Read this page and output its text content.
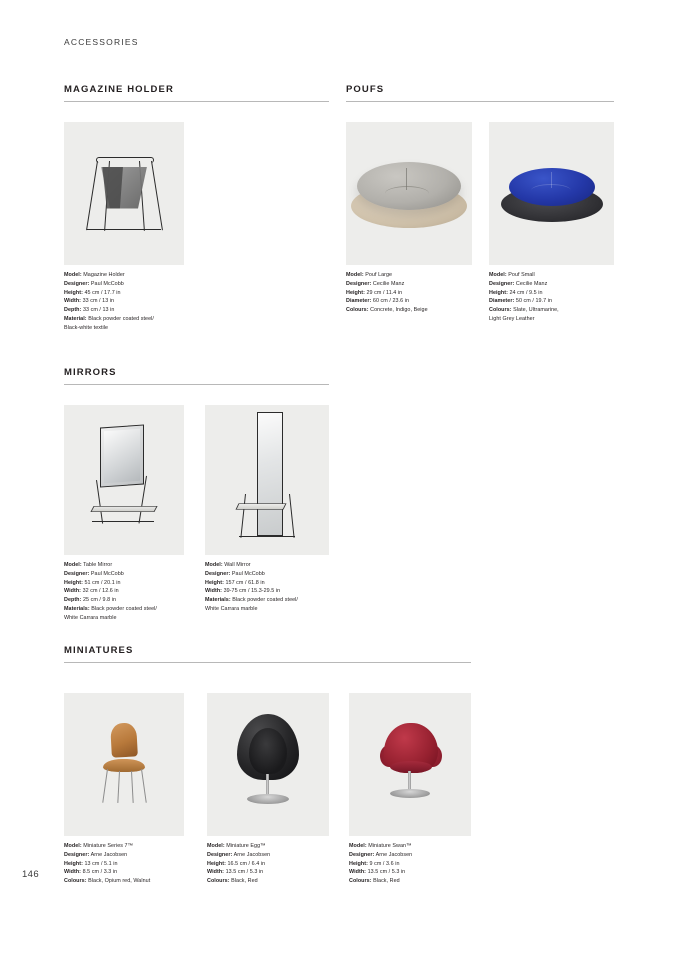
ACCESSORIES
146
MAGAZINE HOLDER
Model: Magazine Holder
Designer: Paul McCobb
Height: 45 cm / 17.7 in
Width: 33 cm / 13 in
Depth: 33 cm / 13 in
Material: Black powder coated steel/
Black-white textile
POUFS
Model: Pouf Large
Designer: Cecilie Manz
Height: 29 cm / 11.4 in
Diameter: 60 cm / 23.6 in
Colours: Concrete, Indigo, Beige
Model: Pouf Small
Designer: Cecilie Manz
Height: 24 cm / 9.5 in
Diameter: 50 cm / 19.7 in
Colours: Slate, Ultramarine,
Light Grey Leather
MIRRORS
Model: Table Mirror
Designer: Paul McCobb
Height: 51 cm / 20.1 in
Width: 32 cm / 12.6 in
Depth: 25 cm / 9.8 in
Materials: Black powder coated steel/
White Carrara marble
Model: Wall Mirror
Designer: Paul McCobb
Height: 157 cm / 61.8 in
Width: 39-75 cm / 15.3-29.5 in
Materials: Black powder coated steel/
White Carrara marble
MINIATURES
Model: Miniature Series 7™
Designer: Arne Jacobsen
Height: 13 cm / 5.1 in
Width: 8.5 cm / 3.3 in
Colours: Black, Opium red, Walnut
Model: Miniature Egg™
Designer: Arne Jacobsen
Height: 16.5 cm / 6.4 in
Width: 13.5 cm / 5.3 in
Colours: Black, Red
Model: Miniature Swan™
Designer: Arne Jacobsen
Height: 9 cm / 3.6 in
Width: 13.5 cm / 5.3 in
Colours: Black, Red
